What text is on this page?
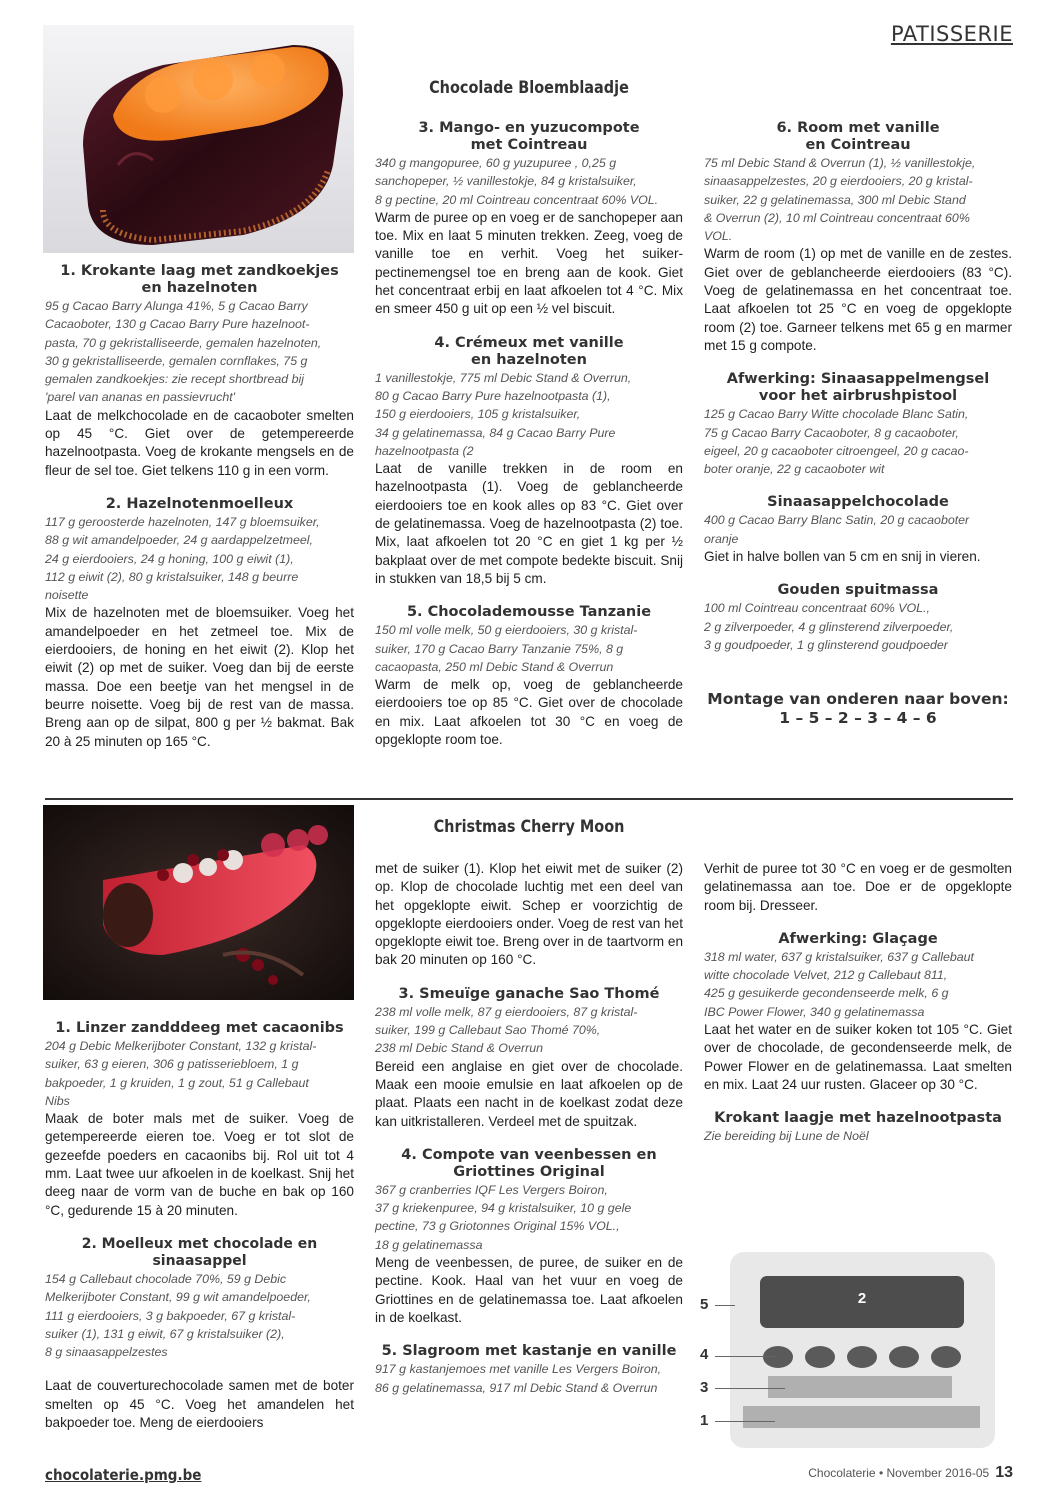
PATISSERIE
Chocolade Bloemblaadje
1. Krokante laag met zandkoekjes
en hazelnoten

95 g Cacao Barry Alunga 41%, 5 g Cacao Barry
Cacaoboter, 130 g Cacao Barry Pure hazelnoot-
pasta, 70 g gekristalliseerde, gemalen hazelnoten,
30 g gekristalliseerde, gemalen cornflakes, 75 g
gemalen zandkoekjes: zie recept shortbread bij
'parel van ananas en passievrucht'

Laat de melkchocolade en de cacaoboter smelten op 45 °C. Giet over de getempereerde hazelnootpasta. Voeg de krokante mengsels en de fleur de sel toe. Giet telkens 110 g in een vorm.

2. Hazelnotenmoelleux

117 g geroosterde hazelnoten, 147 g bloemsuiker,
88 g wit amandelpoeder, 24 g aardappelzetmeel,
24 g eierdooiers, 24 g honing, 100 g eiwit (1),
112 g eiwit (2), 80 g kristalsuiker, 148 g beurre
noisette

Mix de hazelnoten met de bloemsuiker. Voeg het amandelpoeder en het zetmeel toe. Mix de eierdooiers, de honing en het eiwit (2). Klop het eiwit (2) op met de suiker. Voeg dan bij de eerste massa. Doe een beetje van het mengsel in de beurre noisette. Voeg bij de rest van de massa. Breng aan op de silpat, 800 g per ½ bakmat. Bak 20 à 25 minuten op 165 °C.

3. Mango- en yuzucompote
met Cointreau

340 g mangopuree, 60 g yuzupuree , 0,25 g
sanchopeper, ½ vanillestokje, 84 g kristalsuiker,
8 g pectine, 20 ml Cointreau concentraat 60% VOL.

Warm de puree op en voeg er de sanchopeper aan toe. Mix en laat 5 minuten trekken. Zeeg, voeg de vanille toe en verhit. Voeg het suiker-pectinemengsel toe en breng aan de kook. Giet het concentraat erbij en laat afkoelen tot 4 °C. Mix en smeer 450 g uit op een ½ vel biscuit.

4. Crémeux met vanille
en hazelnoten

1 vanillestokje, 775 ml Debic Stand & Overrun,
80 g Cacao Barry Pure hazelnootpasta (1),
150 g eierdooiers, 105 g kristalsuiker,
34 g gelatinemassa, 84 g Cacao Barry Pure
hazelnootpasta (2

Laat de vanille trekken in de room en hazelnootpasta (1). Voeg de geblancheerde eierdooiers toe en kook alles op 83 °C. Giet over de gelatinemassa. Voeg de hazelnootpasta (2) toe. Mix, laat afkoelen tot 20 °C en giet 1 kg per ½ bakplaat over de met compote bedekte biscuit. Snij in stukken van 18,5 bij 5 cm.

5. Chocolademousse Tanzanie

150 ml volle melk, 50 g eierdooiers, 30 g kristal-
suiker, 170 g Cacao Barry Tanzanie 75%, 8 g
cacaopasta, 250 ml Debic Stand & Overrun

Warm de melk op, voeg de geblancheerde eierdooiers toe op 85 °C. Giet over de chocolade en mix. Laat afkoelen tot 30 °C en voeg de opgeklopte room toe.

6. Room met vanille
en Cointreau

75 ml Debic Stand & Overrun (1), ½ vanillestokje,
sinaasappelzestes, 20 g eierdooiers, 20 g kristal-
suiker, 22 g gelatinemassa, 300 ml Debic Stand
& Overrun (2), 10 ml Cointreau concentraat 60%
VOL.

Warm de room (1) op met de vanille en de zestes. Giet over de geblancheerde eierdooiers (83 °C). Voeg de gelatinemassa en het concentraat toe. Laat afkoelen tot 25 °C en voeg de opgeklopte room (2) toe. Garneer telkens met 65 g en marmer met 15 g compote.

Afwerking: Sinaasappelmengsel
voor het airbrushpistool

125 g Cacao Barry Witte chocolade Blanc Satin,
75 g Cacao Barry Cacaoboter, 8 g cacaoboter,
eigeel, 20 g cacaoboter citroengeel, 20 g cacao-
boter oranje, 22 g cacaoboter wit

Sinaasappelchocolade

400 g Cacao Barry Blanc Satin, 20 g cacaoboter
oranje

Giet in halve bollen van 5 cm en snij in vieren.

Gouden spuitmassa

100 ml Cointreau concentraat 60% VOL.,
2 g zilverpoeder, 4 g glinsterend zilverpoeder,
3 g goudpoeder, 1 g glinsterend goudpoeder

Montage van onderen naar boven:
1 – 5 – 2 – 3 – 4 – 6
Christmas Cherry Moon
1. Linzer zandddeeg met cacaonibs

204 g Debic Melkerijboter Constant, 132 g kristal-
suiker, 63 g eieren, 306 g patisseriebloem, 1 g
bakpoeder, 1 g kruiden, 1 g zout, 51 g Callebaut
Nibs

Maak de boter mals met de suiker. Voeg de getempereerde eieren toe. Voeg er tot slot de gezeefde poeders en cacaonibs bij. Rol uit tot 4 mm. Laat twee uur afkoelen in de koelkast. Snij het deeg naar de vorm van de buche en bak op 160 °C, gedurende 15 à 20 minuten.

2. Moelleux met chocolade en sinaasappel

154 g Callebaut chocolade 70%, 59 g Debic
Melkerijboter Constant, 99 g wit amandelpoeder,
111 g eierdooiers, 3 g bakpoeder, 67 g kristal-
suiker (1), 131 g eiwit, 67 g kristalsuiker (2),
8 g sinaasappelzestes

Laat de couverturechocolade samen met de boter smelten op 45 °C. Voeg het amandelen het bakpoeder toe. Meng de eierdooiers

met de suiker (1). Klop het eiwit met de suiker (2) op. Klop de chocolade luchtig met een deel van het opgeklopte eiwit. Schep er voorzichtig de opgeklopte eierdooiers onder. Voeg de rest van het opgeklopte eiwit toe. Breng over in de taartvorm en bak 20 minuten op 160 °C.

3. Smeuïge ganache Sao Thomé

238 ml volle melk, 87 g eierdooiers, 87 g kristal-
suiker, 199 g Callebaut Sao Thomé 70%,
238 ml Debic Stand & Overrun

Bereid een anglaise en giet over de chocolade. Maak een mooie emulsie en laat afkoelen op de plaat. Plaats een nacht in de koelkast zodat deze kan uitkristalleren. Verdeel met de spuitzak.

4. Compote van veenbessen en
Griottines Original

367 g cranberries IQF Les Vergers Boiron,
37 g kriekenpuree, 94 g kristalsuiker, 10 g gele
pectine, 73 g Griotonnes Original 15% VOL.,
18 g gelatinemassa

Meng de veenbessen, de puree, de suiker en de pectine. Kook. Haal van het vuur en voeg de Griottines en de gelatinemassa toe. Laat afkoelen in de koelkast.

5. Slagroom met kastanje en vanille

917 g kastanjemoes met vanille Les Vergers Boiron,
86 g gelatinemassa, 917 ml Debic Stand & Overrun

Verhit de puree tot 30 °C en voeg er de gesmolten gelatinemassa aan toe. Doe er de opgeklopte room bij. Dresseer.

Afwerking: Glaçage

318 ml water, 637 g kristalsuiker, 637 g Callebaut
witte chocolade Velvet, 212 g Callebaut 811,
425 g gesuikerde gecondenseerde melk, 6 g
IBC Power Flower, 340 g gelatinemassa

Laat het water en de suiker koken tot 105 °C. Giet over de chocolade, de gecondenseerde melk, de Power Flower en de gelatinemassa. Laat smelten en mix. Laat 24 uur rusten. Glaceer op 30 °C.

Krokant laagje met hazelnootpasta

Zie bereiding bij Lune de Noël

2
5
4
3
1
chocolaterie.pmg.be	Chocolaterie • November 2016-05 13
